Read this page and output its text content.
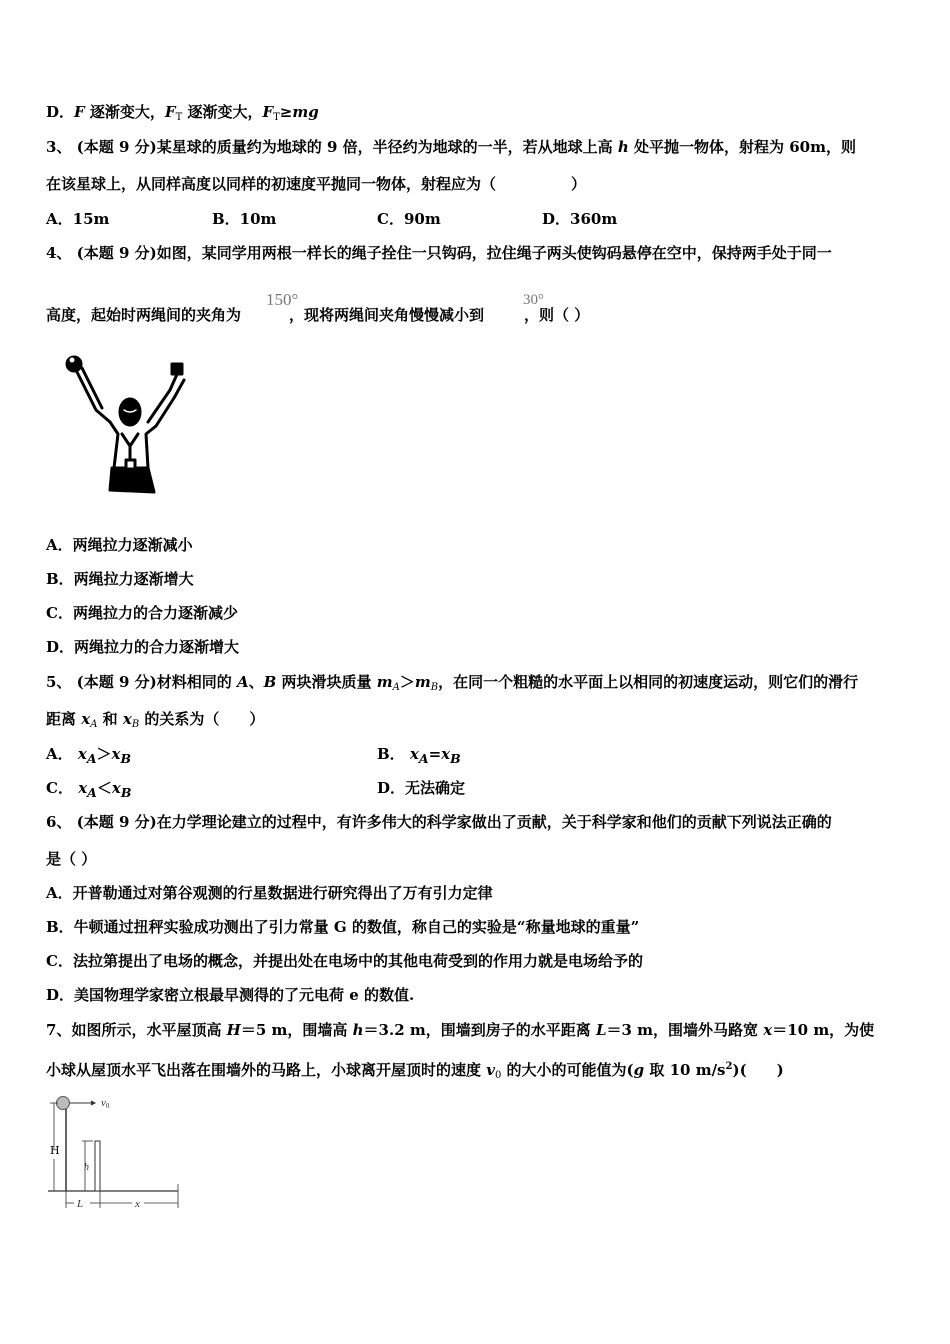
D．F 逐渐变大，$F_T$ 逐渐变大，$F_T\ge mg$
3、 (本题 9 分)某星球的质量约为地球的 9 倍，半径约为地球的一半，若从地球上高 h 处平抛一物体，射程为 60m，则
在该星球上，从同样高度以同样的初速度平抛同一物体，射程应为（　　　　　）
A．15m	B．10m	C．90m	D．360m
4、 (本题 9 分)如图，某同学用两根一样长的绳子拴住一只钩码，拉住绳子两头使钩码悬停在空中，保持两手处于同一
高度，起始时两绳间的夹角为	，现将两绳间夹角慢慢减小到	，则（ ）
150°	30°
A．两绳拉力逐渐减小
B．两绳拉力逐渐增大
C．两绳拉力的合力逐渐减少
D．两绳拉力的合力逐渐增大
5、 (本题 9 分)材料相同的 A、B 两块滑块质量 $m_A>m_B$，在同一个粗糙的水平面上以相同的初速度运动，则它们的滑行
距离 $x_A$ 和 $x_B$ 的关系为（　　）
A． $x_A>x_B$	B． $x_A=x_B$
C． $x_A<x_B$	D．无法确定
6、 (本题 9 分)在力学理论建立的过程中，有许多伟大的科学家做出了贡献，关于科学家和他们的贡献下列说法正确的
是（ ）
A．开普勒通过对第谷观测的行星数据进行研究得出了万有引力定律
B．牛顿通过扭秤实验成功测出了引力常量 G 的数值，称自己的实验是“称量地球的重量”
C．法拉第提出了电场的概念，并提出处在电场中的其他电荷受到的作用力就是电场给予的
D．美国物理学家密立根最早测得的了元电荷 e 的数值.
7、如图所示，水平屋顶高 H＝5 m，围墙高 h＝3.2 m，围墙到房子的水平距离 L＝3 m，围墙外马路宽 x＝10 m，为使
小球从屋顶水平飞出落在围墙外的马路上，小球离开屋顶时的速度 $v_0$ 的大小的可能值为(g 取 10 $m/s^2$)(　　)
v0
h
L	x
H
